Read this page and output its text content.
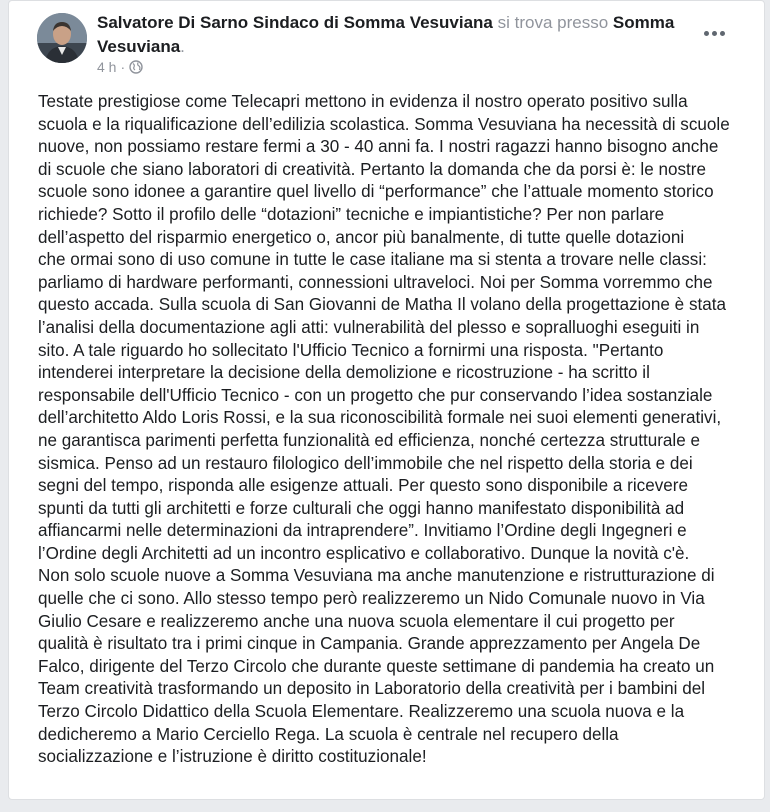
Salvatore Di Sarno Sindaco di Somma Vesuviana si trova presso Somma Vesuviana.
4 h ·
Testate prestigiose come Telecapri mettono in evidenza il nostro operato positivo sulla
scuola e la riqualificazione dell’edilizia scolastica. Somma Vesuviana ha necessità di scuole
nuove, non possiamo restare fermi a 30 - 40 anni fa. I nostri ragazzi hanno bisogno anche
di scuole che siano laboratori di creatività. Pertanto la domanda che da porsi è: le nostre
scuole sono idonee a garantire quel livello di “performance” che l’attuale momento storico
richiede? Sotto il profilo delle “dotazioni” tecniche e impiantistiche? Per non parlare
dell’aspetto del risparmio energetico o, ancor più banalmente, di tutte quelle dotazioni
che ormai sono di uso comune in tutte le case italiane ma si stenta a trovare nelle classi:
parliamo di hardware performanti, connessioni ultraveloci. Noi per Somma vorremmo che
questo accada. Sulla scuola di San Giovanni de Matha Il volano della progettazione è stata
l’analisi della documentazione agli atti: vulnerabilità del plesso e sopralluoghi eseguiti in
sito. A tale riguardo ho sollecitato l'Ufficio Tecnico a fornirmi una risposta. "Pertanto
intenderei interpretare la decisione della demolizione e ricostruzione - ha scritto il
responsabile dell'Ufficio Tecnico - con un progetto che pur conservando l’idea sostanziale
dell’architetto Aldo Loris Rossi, e la sua riconoscibilità formale nei suoi elementi generativi,
ne garantisca parimenti perfetta funzionalità ed efficienza, nonché certezza strutturale e
sismica. Penso ad un restauro filologico dell’immobile che nel rispetto della storia e dei
segni del tempo, risponda alle esigenze attuali. Per questo sono disponibile a ricevere
spunti da tutti gli architetti e forze culturali che oggi hanno manifestato disponibilità ad
affiancarmi nelle determinazioni da intraprendere”. Invitiamo l’Ordine degli Ingegneri e
l’Ordine degli Architetti ad un incontro esplicativo e collaborativo. Dunque la novità c'è.
Non solo scuole nuove a Somma Vesuviana ma anche manutenzione e ristrutturazione di
quelle che ci sono. Allo stesso tempo però realizzeremo un Nido Comunale nuovo in Via
Giulio Cesare e realizzeremo anche una nuova scuola elementare il cui progetto per
qualità è risultato tra i primi cinque in Campania. Grande apprezzamento per Angela De
Falco, dirigente del Terzo Circolo che durante queste settimane di pandemia ha creato un
Team creatività trasformando un deposito in Laboratorio della creatività per i bambini del
Terzo Circolo Didattico della Scuola Elementare. Realizzeremo una scuola nuova e la
dedicheremo a Mario Cerciello Rega. La scuola è centrale nel recupero della
socializzazione e l’istruzione è diritto costituzionale!
